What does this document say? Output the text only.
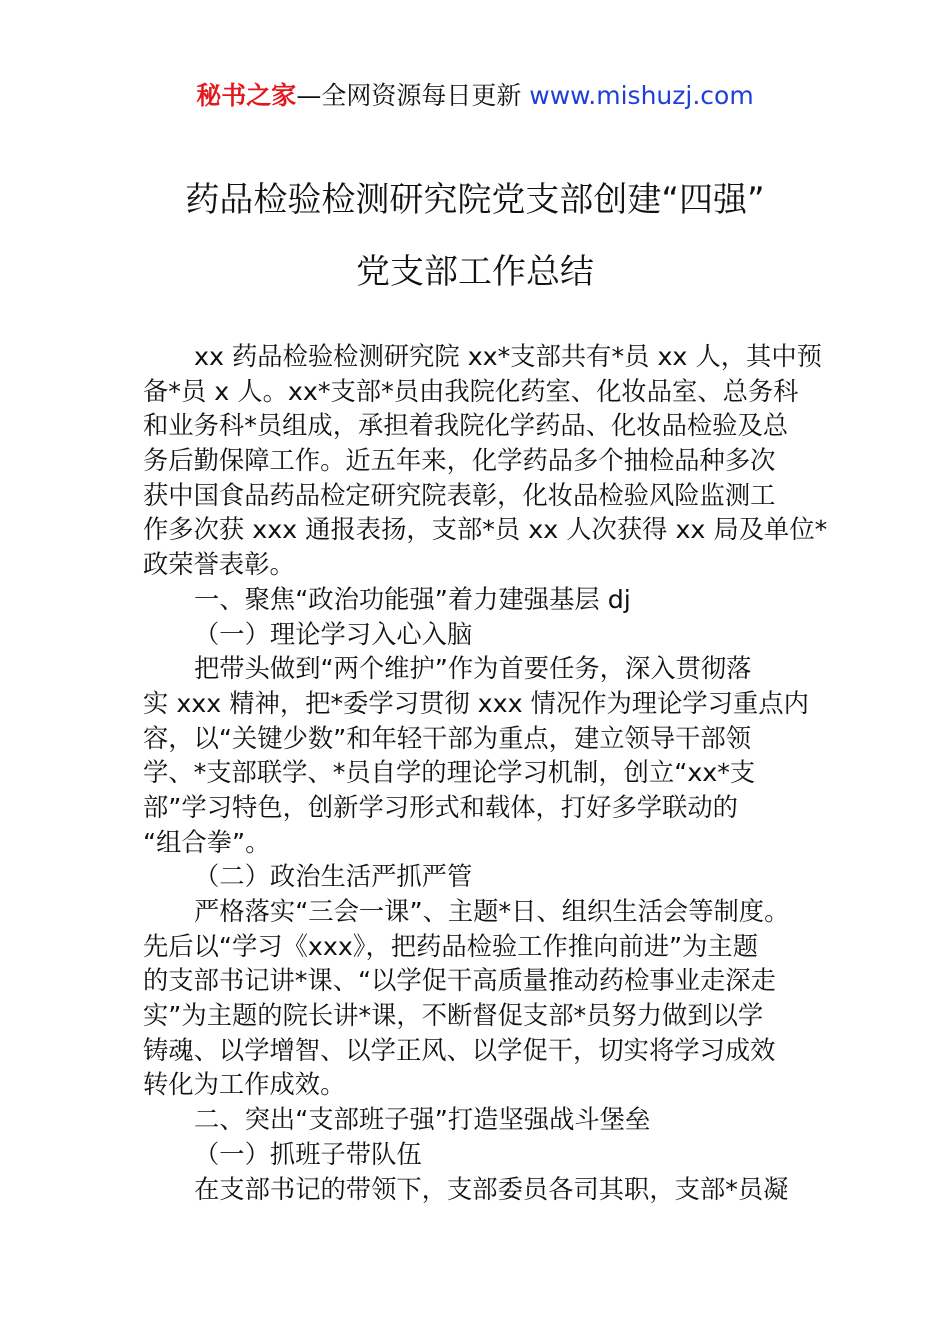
秘书之家—全网资源每日更新 www.mishuzj.com
药品检验检测研究院党支部创建“四强”
党支部工作总结
xx 药品检验检测研究院 xx*支部共有*员 xx 人，其中预
备*员 x 人。xx*支部*员由我院化药室、化妆品室、总务科
和业务科*员组成，承担着我院化学药品、化妆品检验及总
务后勤保障工作。近五年来，化学药品多个抽检品种多次
获中国食品药品检定研究院表彰，化妆品检验风险监测工
作多次获 xxx 通报表扬，支部*员 xx 人次获得 xx 局及单位*
政荣誉表彰。
一、聚焦“政治功能强”着力建强基层 dj
（一）理论学习入心入脑
把带头做到“两个维护”作为首要任务，深入贯彻落
实 xxx 精神，把*委学习贯彻 xxx 情况作为理论学习重点内
容，以“关键少数”和年轻干部为重点，建立领导干部领
学、*支部联学、*员自学的理论学习机制，创立“xx*支
部”学习特色，创新学习形式和载体，打好多学联动的
“组合拳”。
（二）政治生活严抓严管
严格落实“三会一课”、主题*日、组织生活会等制度。
先后以“学习《xxx》，把药品检验工作推向前进”为主题
的支部书记讲*课、“以学促干高质量推动药检事业走深走
实”为主题的院长讲*课，不断督促支部*员努力做到以学
铸魂、以学增智、以学正风、以学促干，切实将学习成效
转化为工作成效。
二、突出“支部班子强”打造坚强战斗堡垒
（一）抓班子带队伍
在支部书记的带领下，支部委员各司其职，支部*员凝
